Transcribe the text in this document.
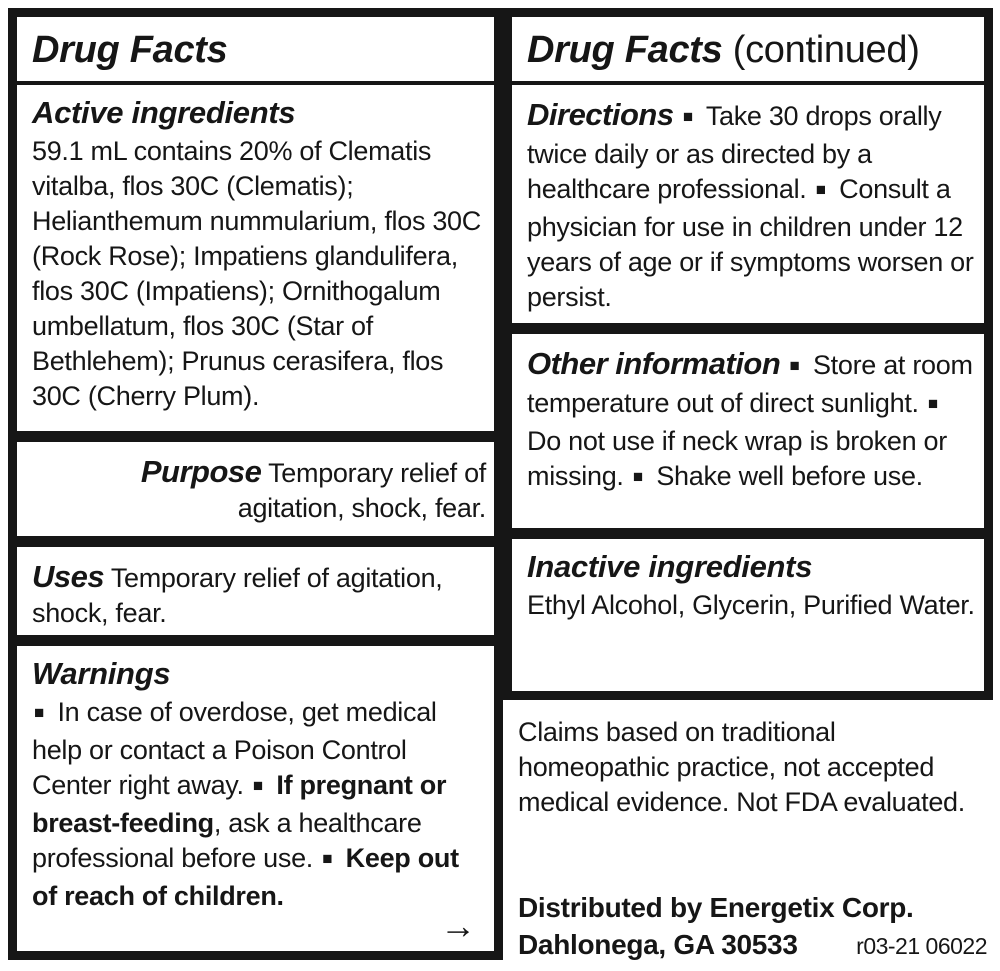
Drug Facts
Active ingredients

59.1 mL contains 20% of Clematis vitalba, flos 30C (Clematis); Helianthemum nummularium, flos 30C (Rock Rose); Impatiens glandulifera, flos 30C (Impatiens); Ornithogalum umbellatum, flos 30C (Star of Bethlehem); Prunus cerasifera, flos 30C (Cherry Plum).

Purpose Temporary relief of agitation, shock, fear.

Uses Temporary relief of agitation, shock, fear.

Warnings

■ In case of overdose, get medical help or contact a Poison Control Center right away. ■ If pregnant or breast-feeding, ask a healthcare professional before use. ■ Keep out of reach of children.

→
Drug Facts (continued)

Directions ■ Take 30 drops orally twice daily or as directed by a healthcare professional. ■ Consult a physician for use in children under 12 years of age or if symptoms worsen or persist.

Other information ■ Store at room temperature out of direct sunlight. ■ Do not use if neck wrap is broken or missing. ■ Shake well before use.

Inactive ingredients

Ethyl Alcohol, Glycerin, Purified Water.

Claims based on traditional homeopathic practice, not accepted medical evidence. Not FDA evaluated.

Distributed by Energetix Corp.
Dahlonega, GA 30533	r03-21 06022
